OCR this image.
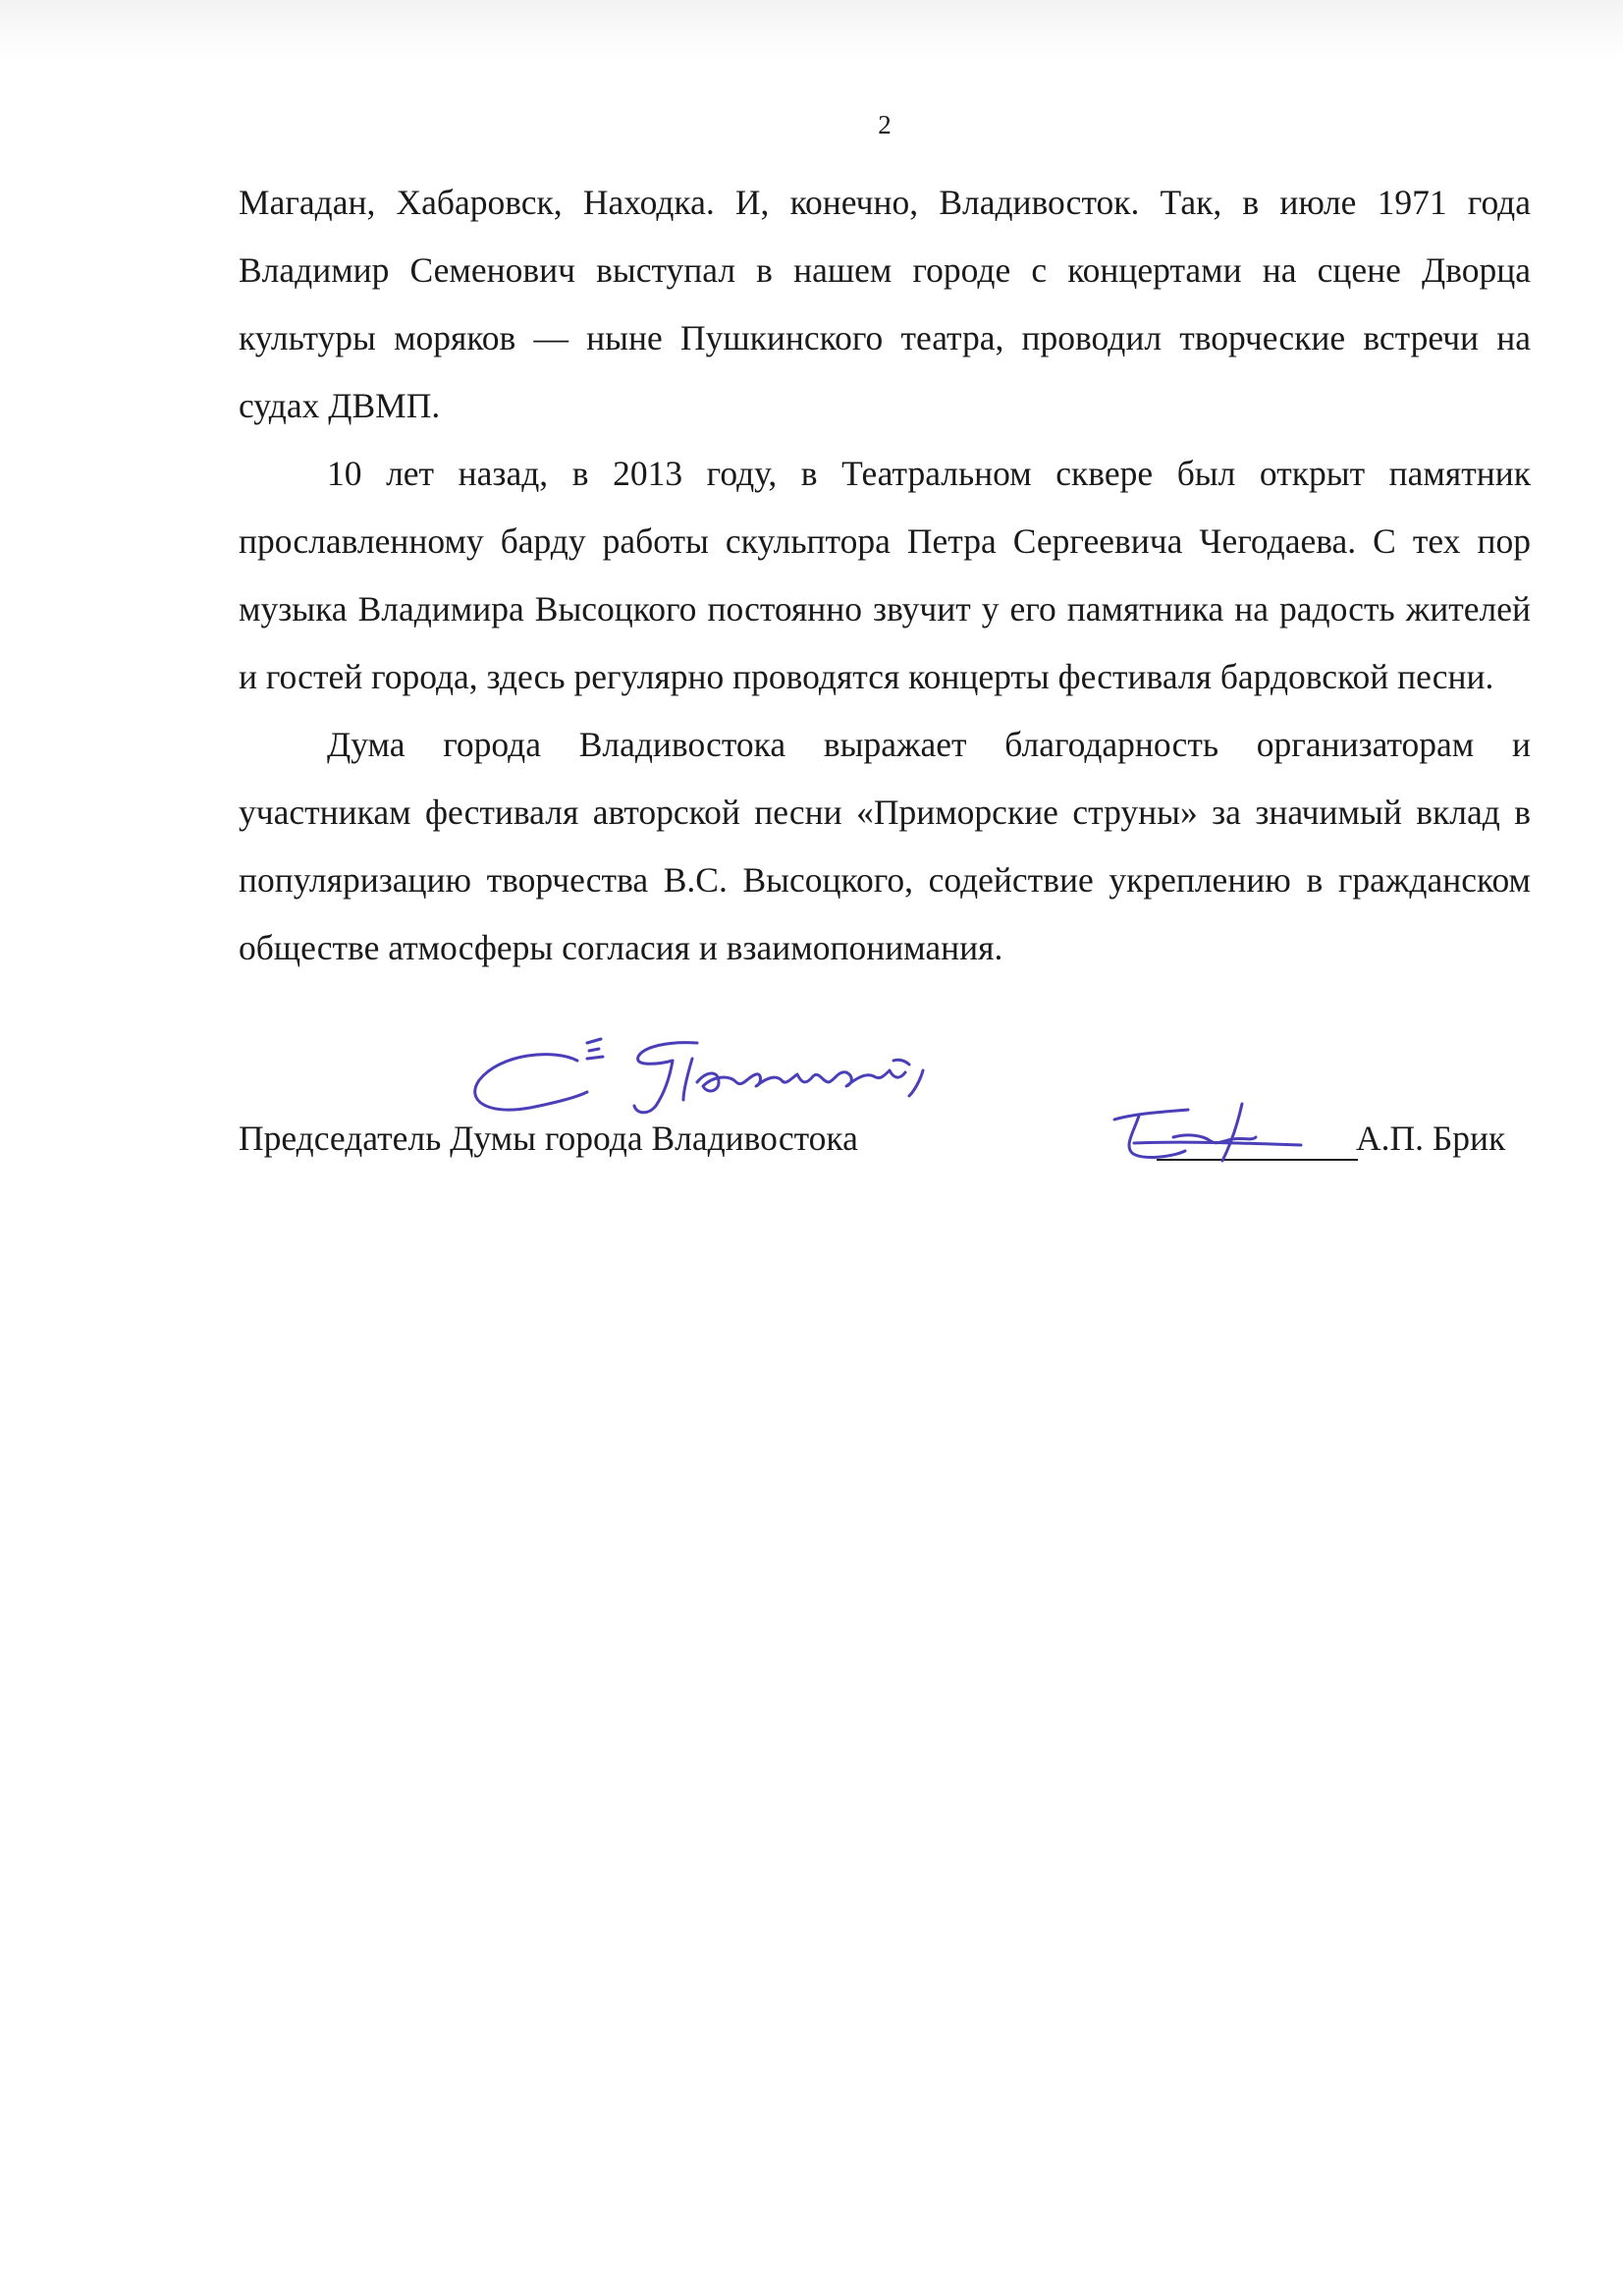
2

Магадан, Хабаровск, Находка. И, конечно, Владивосток. Так, в июле 1971 года Владимир Семенович выступал в нашем городе с концертами на сцене Дворца культуры моряков — ныне Пушкинского театра, проводил творческие встречи на судах ДВМП.

10 лет назад, в 2013 году, в Театральном сквере был открыт памятник прославленному барду работы скульптора Петра Сергеевича Чегодаева. С тех пор музыка Владимира Высоцкого постоянно звучит у его памятника на радость жителей и гостей города, здесь регулярно проводятся концерты фестиваля бардовской песни.

Дума города Владивостока выражает благодарность организаторам и участникам фестиваля авторской песни «Приморские струны» за значимый вклад в популяризацию творчества В.С. Высоцкого, содействие укреплению в гражданском обществе атмосферы согласия и взаимопонимания.

Председатель Думы города Владивостока	А.П. Брик
